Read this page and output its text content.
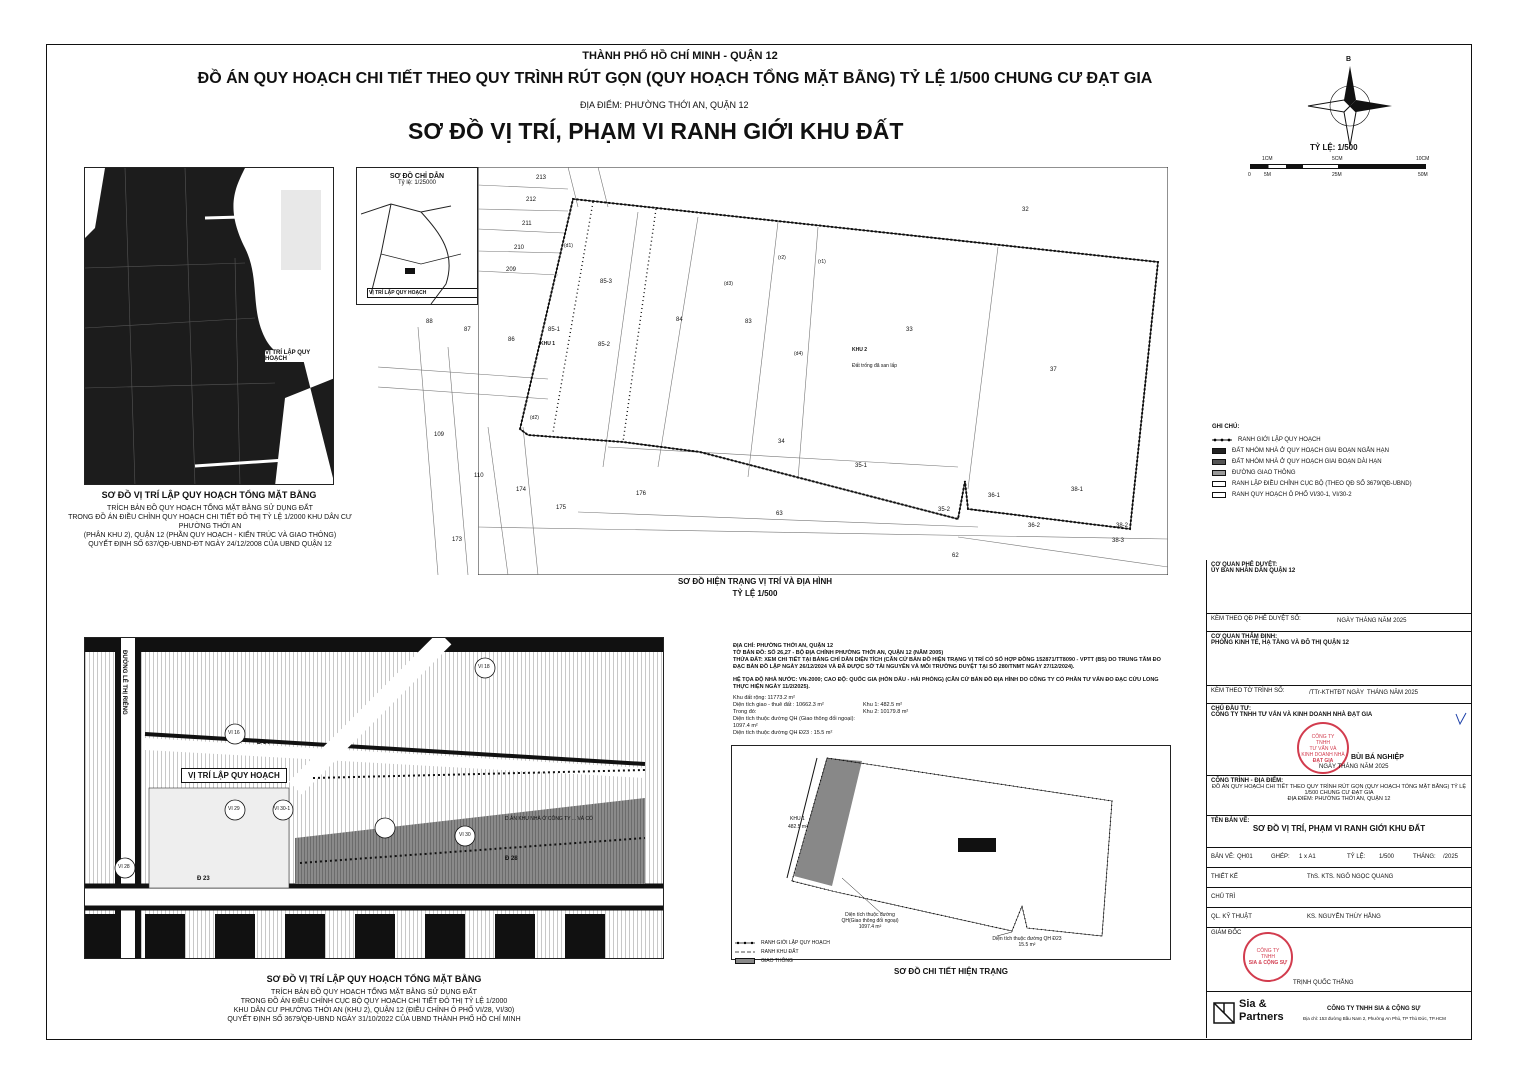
THÀNH PHỐ HỒ CHÍ MINH - QUẬN 12
ĐỒ ÁN QUY HOẠCH CHI TIẾT THEO QUY TRÌNH RÚT GỌN (QUY HOẠCH TỔNG MẶT BẰNG) TỶ LỆ 1/500 CHUNG CƯ ĐẠT GIA
ĐỊA ĐIỂM: PHƯỜNG THỚI AN, QUẬN 12
SƠ ĐỒ VỊ TRÍ, PHẠM VI RANH GIỚI KHU ĐẤT
B
TỶ LỆ: 1/500
1CM	5CM	10CM
0	5M	25M	50M
VỊ TRÍ LẬP QUY HOẠCH
SƠ ĐỒ VỊ TRÍ LẬP QUY HOẠCH TỔNG MẶT BẰNG
TRÍCH BẢN ĐỒ QUY HOẠCH TỔNG MẶT BẰNG SỬ DỤNG ĐẤT
TRONG ĐỒ ÁN ĐIỀU CHỈNH QUY HOẠCH CHI TIẾT ĐÔ THỊ TỶ LỆ 1/2000 KHU DÂN CƯ PHƯỜNG THỚI AN
(PHÂN KHU 2), QUẬN 12 (PHẦN QUY HOẠCH - KIẾN TRÚC VÀ GIAO THÔNG)
QUYẾT ĐỊNH SỐ 637/QĐ-UBND-ĐT NGÀY 24/12/2008 CỦA UBND QUẬN 12
SƠ ĐỒ CHỈ DẪN
Tỷ lệ: 1/25000
VỊ TRÍ LẬP QUY HOẠCH
213
212
211
210
209
88
87
86
85-1
85-2
85-3
84	83
33
32
37
34
35-1
35-2
36-1
36-2
38-1
38-2
38-3
109
110
174
175
176
173
63
62
KHU 1
KHU 2
(d1)
(d2)
(d3)
(d4)
(r1)
(r2)
Đất trống đã san lấp
SƠ ĐỒ HIỆN TRẠNG VỊ TRÍ VÀ ĐỊA HÌNH
TỶ LỆ 1/500
GHI CHÚ:
RANH GIỚI LẬP QUY HOẠCH
ĐẤT NHÓM NHÀ Ở QUY HOẠCH GIAI ĐOẠN NGẮN HẠN
ĐẤT NHÓM NHÀ Ở QUY HOẠCH GIAI ĐOẠN DÀI HẠN
ĐƯỜNG GIAO THÔNG
RANH LẬP ĐIỀU CHỈNH CỤC BỘ (THEO QĐ SỐ 3679/QĐ-UBND)
RANH QUY HOẠCH Ô PHỐ VI/30-1, VI/30-2
VỊ TRÍ LẬP QUY HOẠCH
Đ 34
Đ 23
Đ 28
ĐƯỜNG LÊ THỊ RIÊNG	VI 18
VI 16
VI 29	VI 30-1
VI 30
VI 28
D.ÁN KHU NHÀ Ở CÔNG TY ... VÀ CỔ
SƠ ĐỒ VỊ TRÍ LẬP QUY HOẠCH TỔNG MẶT BẰNG
TRÍCH BẢN ĐỒ QUY HOẠCH TỔNG MẶT BẰNG SỬ DỤNG ĐẤT
TRONG ĐỒ ÁN ĐIỀU CHỈNH CỤC BỘ QUY HOẠCH CHI TIẾT ĐÔ THỊ TỶ LỆ 1/2000
KHU DÂN CƯ PHƯỜNG THỚI AN (KHU 2), QUẬN 12 (ĐIỀU CHỈNH Ô PHỐ VI/28, VI/30)
QUYẾT ĐỊNH SỐ 3679/QĐ-UBND NGÀY 31/10/2022 CỦA UBND THÀNH PHỐ HỒ CHÍ MINH
ĐỊA CHỈ: PHƯỜNG THỚI AN, QUẬN 12
TỜ BẢN ĐỒ: SỐ 26,27 - BỘ ĐỊA CHÍNH PHƯỜNG THỚI AN, QUẬN 12 (NĂM 2005)
THỬA ĐẤT: XEM CHI TIẾT TẠI BẢNG CHỈ DẪN DIỆN TÍCH (CĂN CỨ BẢN ĐỒ HIỆN TRẠNG VỊ TRÍ CÓ SỐ HỢP ĐỒNG 152871/TT8090 - VPTT (BS) DO TRUNG TÂM ĐO ĐẠC BẢN ĐỒ LẬP NGÀY 26/12/2024 VÀ ĐÃ ĐƯỢC SỞ TÀI NGUYÊN VÀ MÔI TRƯỜNG DUYỆT TẠI SỐ 280/TNMT NGÀY 27/12/2024).
HỆ TỌA ĐỘ NHÀ NƯỚC: VN-2000; CAO ĐỘ: QUỐC GIA (HÒN DẤU - HẢI PHÒNG) (CĂN CỨ BẢN ĐỒ ĐỊA HÌNH DO CÔNG TY CỔ PHẦN TƯ VẤN ĐO ĐẠC CỬU LONG THỰC HIỆN NGÀY 11/2/2025).
Khu đất rộng: 11773.2 m²
Diện tích giao - thuê đất : 10662.3 m²
Trong đó:
Diện tích thuộc đường QH (Giao thông đối ngoại): 1097.4 m²
Diện tích thuộc đường QH Đ23 : 15.5 m²
Khu 1: 482.5 m²
Khu 2: 10179.8 m²
KHU 1
482.5 m²
Diện tích thuộc đường
QH(Giao thông đối ngoại)
1097.4 m²
Diện tích thuộc đường QH Đ23
15.5 m²
RANH GIỚI LẬP QUY HOẠCH
RANH KHU ĐẤT
GIAO THÔNG
SƠ ĐỒ CHI TIẾT HIỆN TRẠNG
CƠ QUAN PHÊ DUYỆT:
ỦY BAN NHÂN DÂN QUẬN 12
KÈM THEO QĐ PHÊ DUYỆT SỐ:	NGÀY THÁNG NĂM 2025
CƠ QUAN THẨM ĐỊNH:
PHÒNG KINH TẾ, HẠ TẦNG VÀ ĐÔ THỊ QUẬN 12
KÈM THEO TỜ TRÌNH SỐ:	/TTr-KTHTĐT NGÀY THÁNG NĂM 2025
CHỦ ĐẦU TƯ:
CÔNG TY TNHH TƯ VẤN VÀ KINH DOANH NHÀ ĐẠT GIA
CÔNG TY
TNHH
TƯ VẤN VÀ
KINH DOANH NHÀ
ĐẠT GIA	BÙI BÁ NGHIỆP
NGÀY THÁNG NĂM 2025
CÔNG TRÌNH - ĐỊA ĐIỂM:
ĐỒ ÁN QUY HOẠCH CHI TIẾT THEO QUY TRÌNH RÚT GỌN (QUY HOẠCH TỔNG MẶT BẰNG) TỶ LỆ 1/500 CHUNG CƯ ĐẠT GIA
ĐỊA ĐIỂM: PHƯỜNG THỚI AN, QUẬN 12
TÊN BẢN VẼ:
SƠ ĐỒ VỊ TRÍ, PHẠM VI RANH GIỚI KHU ĐẤT
BẢN VẼ: QH01	GHÉP: 1 x A1	TỶ LỆ: 1/500	THÁNG: /2025
THIẾT KẾ	ThS. KTS. NGÔ NGỌC QUANG
CHỦ TRÌ
QL. KỸ THUẬT	KS. NGUYỄN THÙY HẰNG
GIÁM ĐỐC
CÔNG TY
TNHH
SIA & CỘNG SỰ
TRỊNH QUỐC THẮNG
Sia &
Partners
CÔNG TY TNHH SIA & CỘNG SỰ
Địa chỉ: 153 đường Bầu Nam 2, Phường An Phú, TP Thủ Đức, TP.HCM
